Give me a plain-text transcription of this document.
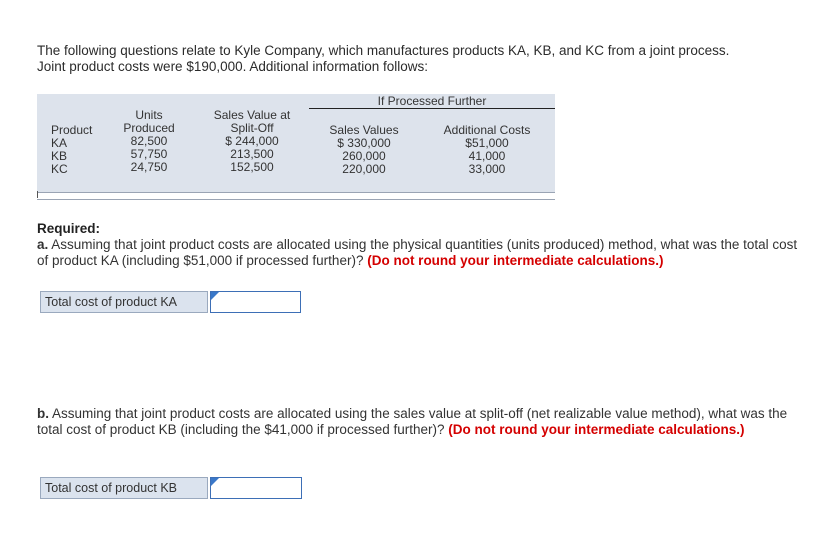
The following questions relate to Kyle Company, which manufactures products KA, KB, and KC from a joint process.
Joint product costs were $190,000. Additional information follows:
If Processed Further
Product
KA
KB
KC
Units
Produced
82,500
57,750
24,750
Sales Value at
Split-Off
$ 244,000
213,500
152,500
Sales Values
$ 330,000
260,000
220,000
Additional Costs
$51,000
41,000
33,000
Required:
a. Assuming that joint product costs are allocated using the physical quantities (units produced) method, what was the total cost of product KA (including $51,000 if processed further)? (Do not round your intermediate calculations.)
Total cost of product KA
b. Assuming that joint product costs are allocated using the sales value at split-off (net realizable value method), what was the total cost of product KB (including the $41,000 if processed further)? (Do not round your intermediate calculations.)
Total cost of product KB
